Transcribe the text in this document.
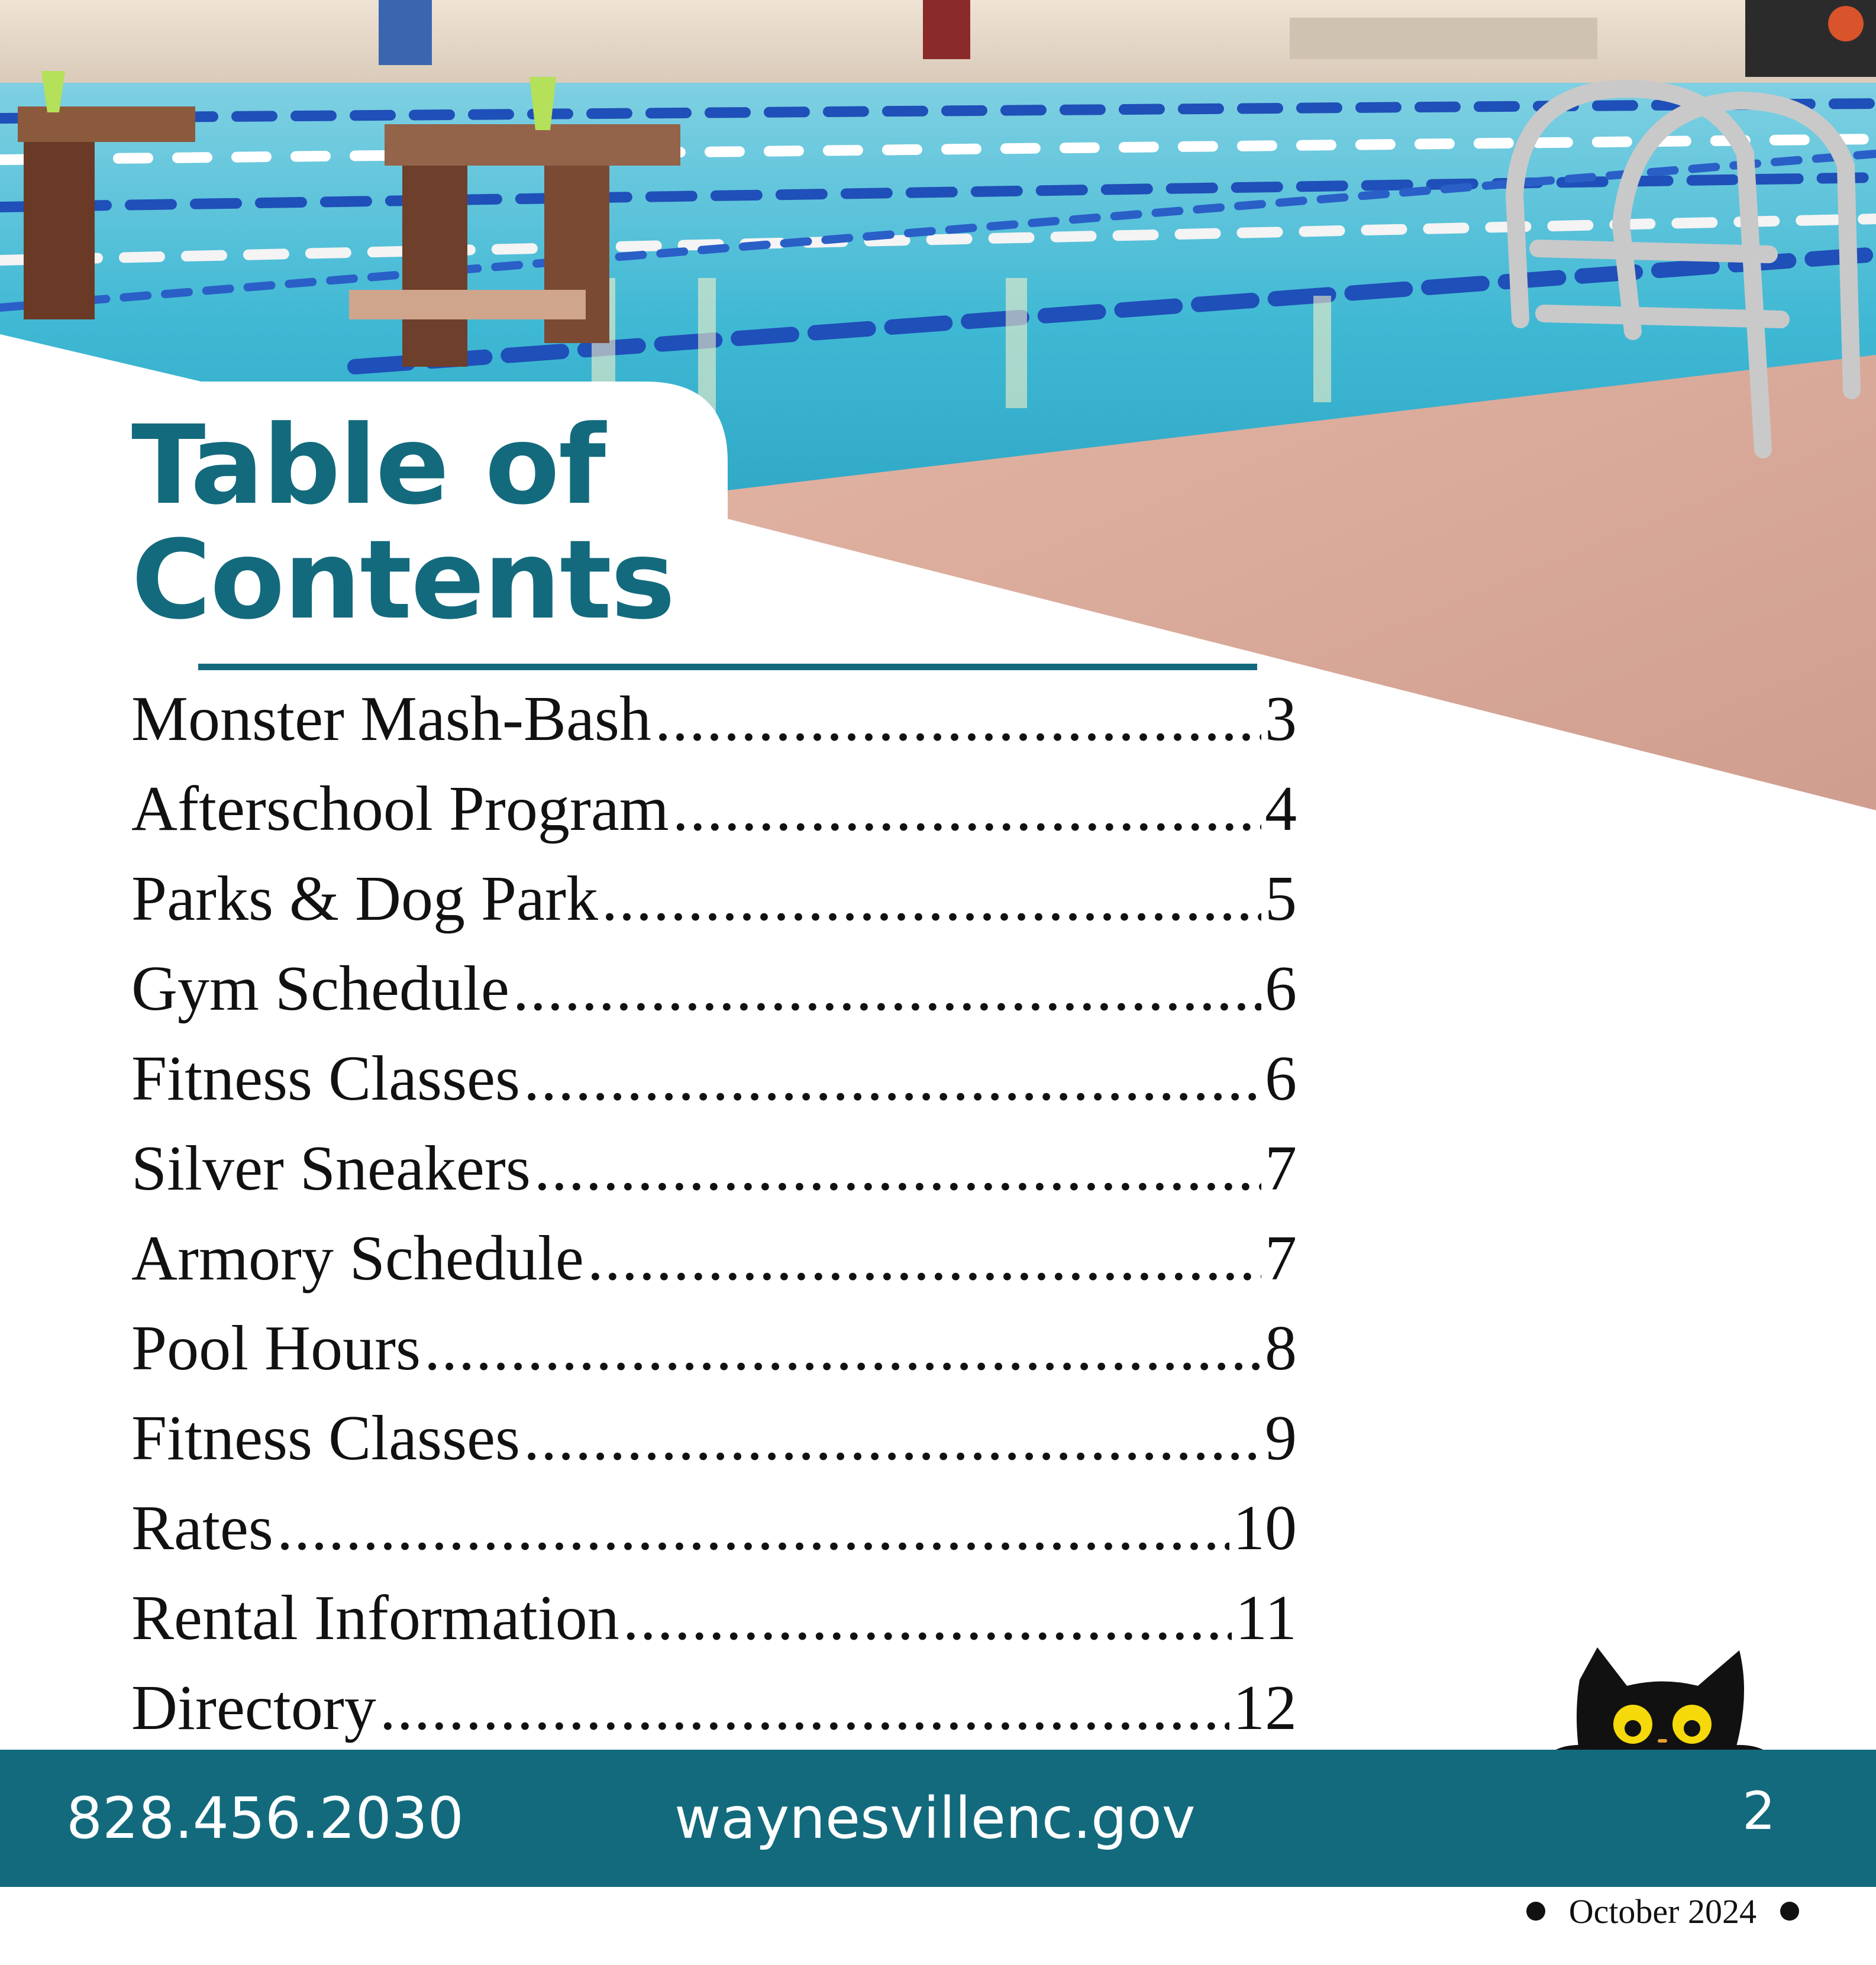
Table of
Contents
Monster Mash-Bash .....	3
Afterschool Program .....	4
Parks & Dog Park .....	5
Gym Schedule .....	6
Fitness Classes .....	6
Silver Sneakers .....	7
Armory Schedule .....	7
Pool Hours .....	8
Fitness Classes .....	9
Rates .....	10
Rental Information .....	11
Directory .....	12
828.456.2030	waynesvillenc.gov	2
October 2024
